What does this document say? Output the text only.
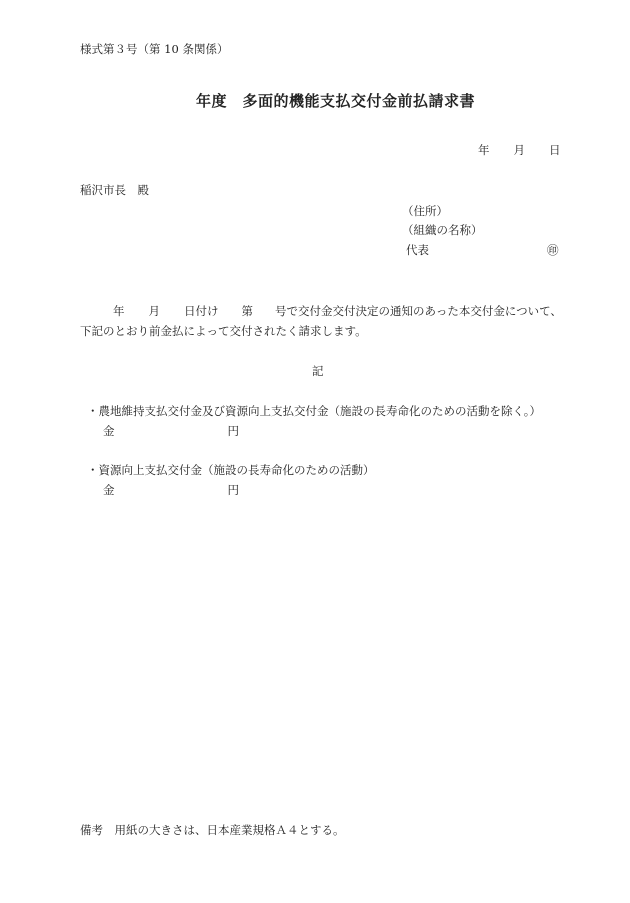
様式第３号（第 10 条関係）
年度　多面的機能支払交付金前払請求書
年 月 日
稲沢市長　殿
（住所）
（組織の名称）
代表	㊞
年 月 日付け 第 号で交付金交付決定の通知のあった本交付金について、
下記のとおり前金払によって交付されたく請求します。
記
・農地維持支払交付金及び資源向上支払交付金（施設の長寿命化のための活動を除く。）
金	円
・資源向上支払交付金（施設の長寿命化のための活動）
金	円
備考　用紙の大きさは、日本産業規格Ａ４とする。
